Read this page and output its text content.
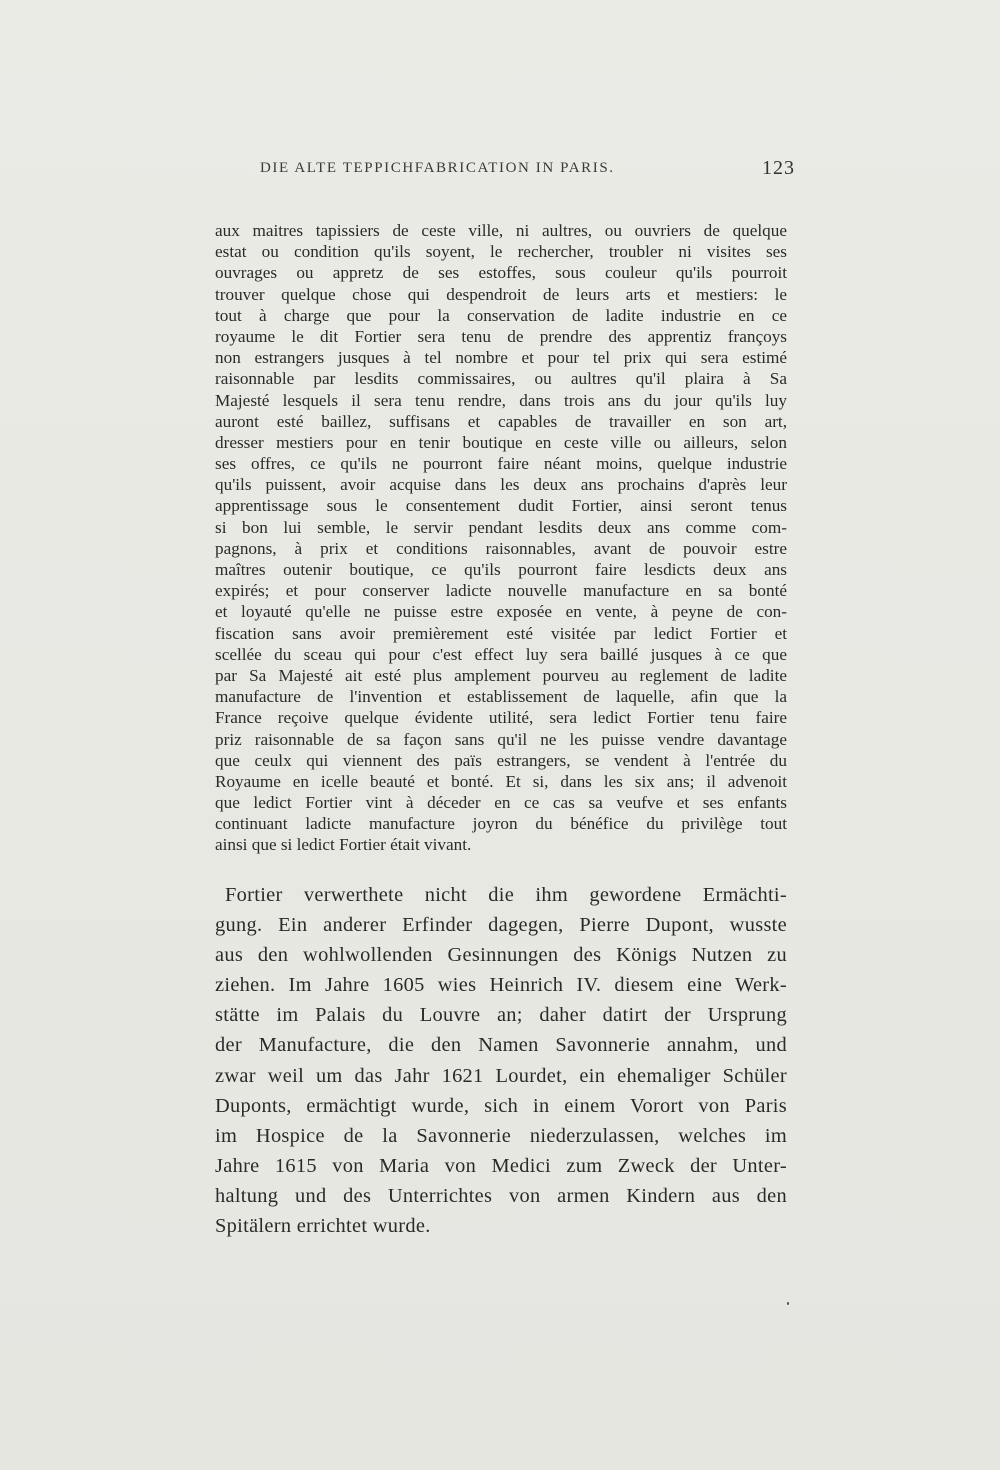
DIE ALTE TEPPICHFABRICATION IN PARIS.	123
aux maitres tapissiers de ceste ville, ni aultres, ou ouvriers de quelque
estat ou condition qu'ils soyent, le rechercher, troubler ni visites ses
ouvrages ou appretz de ses estoffes, sous couleur qu'ils pourroit
trouver quelque chose qui despendroit de leurs arts et mestiers: le
tout à charge que pour la conservation de ladite industrie en ce
royaume le dit Fortier sera tenu de prendre des apprentiz françoys
non estrangers jusques à tel nombre et pour tel prix qui sera estimé
raisonnable par lesdits commissaires, ou aultres qu'il plaira à Sa
Majesté lesquels il sera tenu rendre, dans trois ans du jour qu'ils luy
auront esté baillez, suffisans et capables de travailler en son art,
dresser mestiers pour en tenir boutique en ceste ville ou ailleurs, selon
ses offres, ce qu'ils ne pourront faire néant moins, quelque industrie
qu'ils puissent, avoir acquise dans les deux ans prochains d'après leur
apprentissage sous le consentement dudit Fortier, ainsi seront tenus
si bon lui semble, le servir pendant lesdits deux ans comme com-
pagnons, à prix et conditions raisonnables, avant de pouvoir estre
maîtres outenir boutique, ce qu'ils pourront faire lesdicts deux ans
expirés; et pour conserver ladicte nouvelle manufacture en sa bonté
et loyauté qu'elle ne puisse estre exposée en vente, à peyne de con-
fiscation sans avoir premièrement esté visitée par ledict Fortier et
scellée du sceau qui pour c'est effect luy sera baillé jusques à ce que
par Sa Majesté ait esté plus amplement pourveu au reglement de ladite
manufacture de l'invention et establissement de laquelle, afin que la
France reçoive quelque évidente utilité, sera ledict Fortier tenu faire
priz raisonnable de sa façon sans qu'il ne les puisse vendre davantage
que ceulx qui viennent des païs estrangers, se vendent à l'entrée du
Royaume en icelle beauté et bonté. Et si, dans les six ans; il advenoit
que ledict Fortier vint à déceder en ce cas sa veufve et ses enfants
continuant ladicte manufacture joyron du bénéfice du privilège tout
ainsi que si ledict Fortier était vivant.
Fortier verwerthete nicht die ihm gewordene Ermächti-
gung. Ein anderer Erfinder dagegen, Pierre Dupont, wusste
aus den wohlwollenden Gesinnungen des Königs Nutzen zu
ziehen. Im Jahre 1605 wies Heinrich IV. diesem eine Werk-
stätte im Palais du Louvre an; daher datirt der Ursprung
der Manufacture, die den Namen Savonnerie annahm, und
zwar weil um das Jahr 1621 Lourdet, ein ehemaliger Schüler
Duponts, ermächtigt wurde, sich in einem Vorort von Paris
im Hospice de la Savonnerie niederzulassen, welches im
Jahre 1615 von Maria von Medici zum Zweck der Unter-
haltung und des Unterrichtes von armen Kindern aus den
Spitälern errichtet wurde.
